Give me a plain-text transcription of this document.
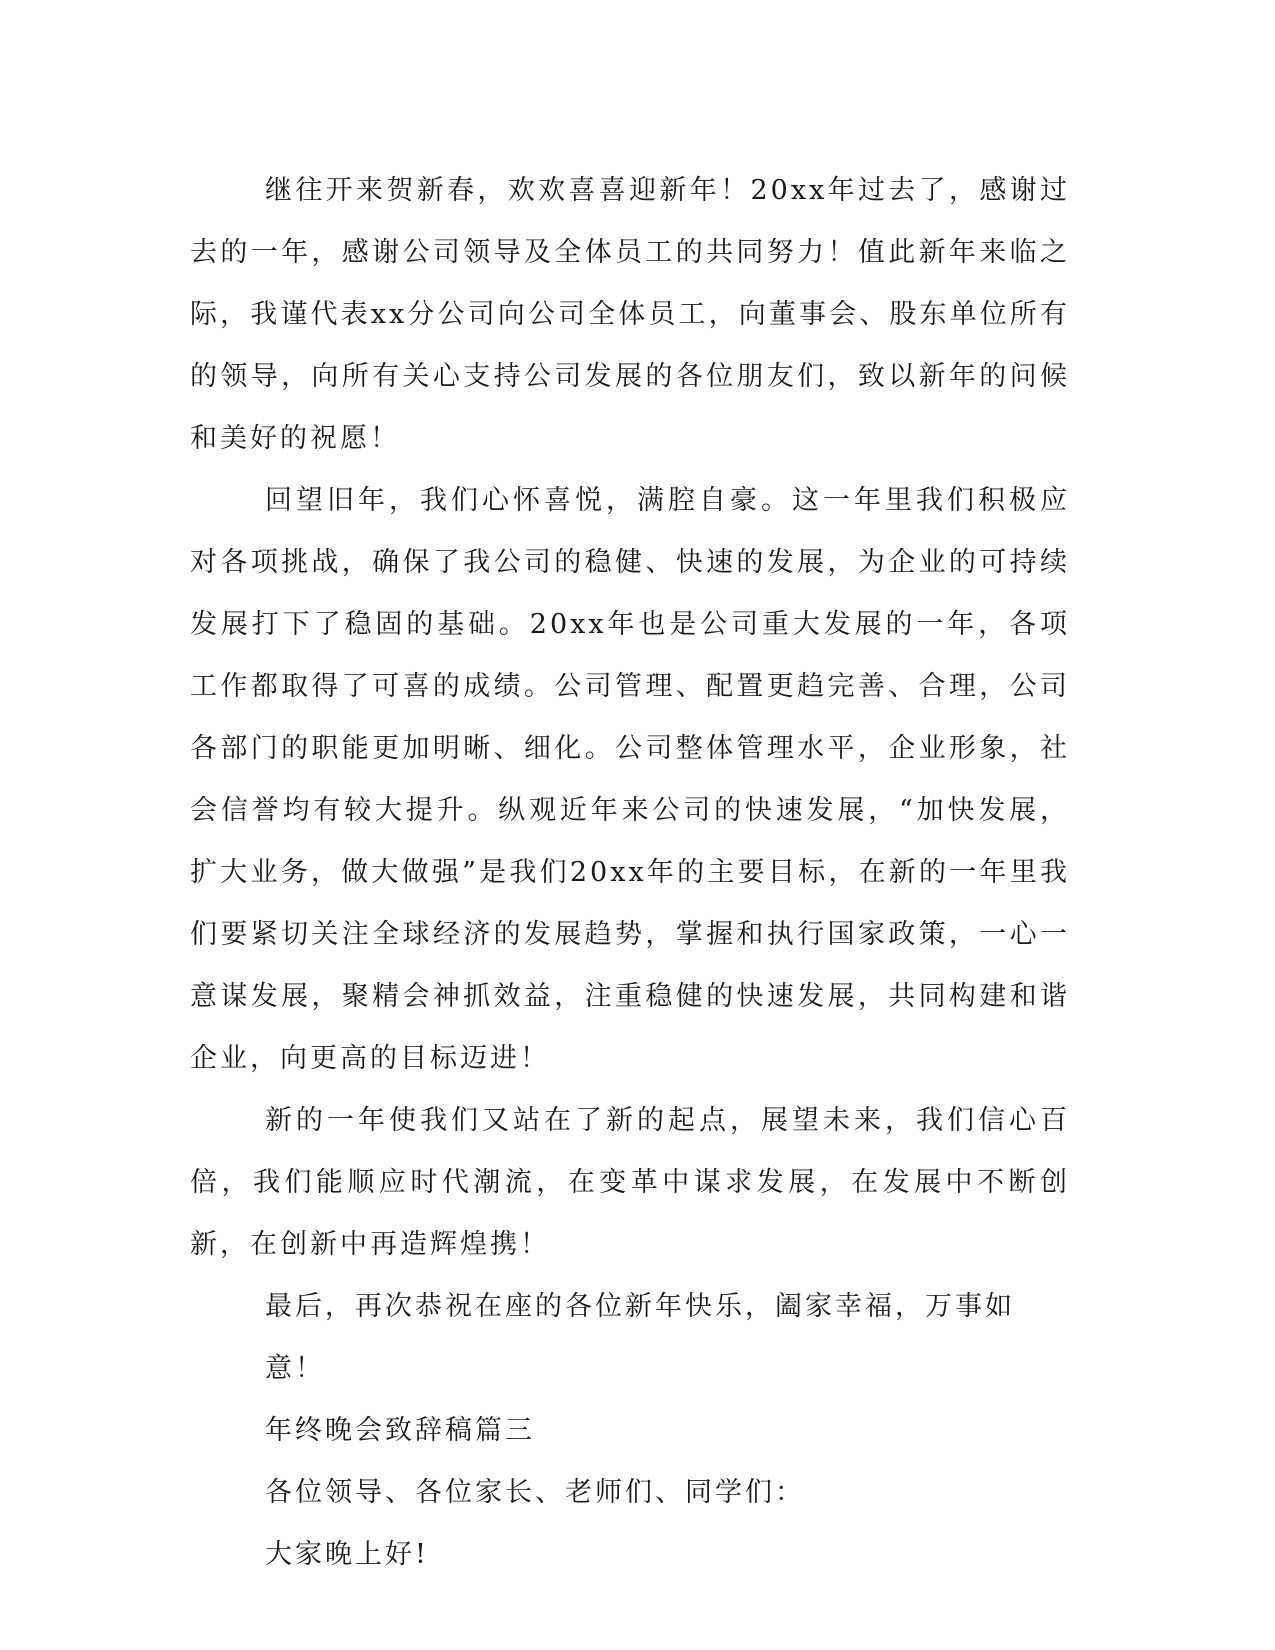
继往开来贺新春，欢欢喜喜迎新年！20xx年过去了，感谢过去的一年，感谢公司领导及全体员工的共同努力！值此新年来临之际，我谨代表xx分公司向公司全体员工，向董事会、股东单位所有的领导，向所有关心支持公司发展的各位朋友们，致以新年的问候和美好的祝愿！

回望旧年，我们心怀喜悦，满腔自豪。这一年里我们积极应对各项挑战，确保了我公司的稳健、快速的发展，为企业的可持续发展打下了稳固的基础。20xx年也是公司重大发展的一年，各项工作都取得了可喜的成绩。公司管理、配置更趋完善、合理，公司各部门的职能更加明晰、细化。公司整体管理水平，企业形象，社会信誉均有较大提升。纵观近年来公司的快速发展，“加快发展，扩大业务，做大做强”是我们20xx年的主要目标，在新的一年里我们要紧切关注全球经济的发展趋势，掌握和执行国家政策，一心一意谋发展，聚精会神抓效益，注重稳健的快速发展，共同构建和谐企业，向更高的目标迈进！

新的一年使我们又站在了新的起点，展望未来，我们信心百倍，我们能顺应时代潮流，在变革中谋求发展，在发展中不断创新，在创新中再造辉煌携！

最后，再次恭祝在座的各位新年快乐，阖家幸福，万事如意！

年终晚会致辞稿篇三

各位领导、各位家长、老师们、同学们：

大家晚上好!
